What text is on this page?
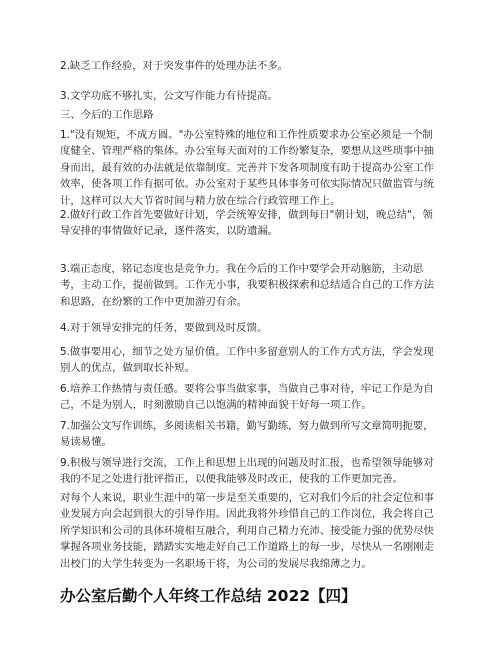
2.缺乏工作经验，对于突发事件的处理办法不多。

3.文学功底不够扎实，公文写作能力有待提高。

三、今后的工作思路

1."没有规矩，不成方圆。"办公室特殊的地位和工作性质要求办公室必须是一个制度健全、管理严格的集体。办公室每天面对的工作纷繁复杂，要想从这些琐事中抽身而出，最有效的办法就是依靠制度。完善并下发各项制度有助于提高办公室工作效率，使各项工作有据可依。办公室对于某些具体事务可依实际情况只做监管与统计，这样可以大大节省时间与精力放在综合行政管理工作上。

2.做好行政工作首先要做好计划，学会统筹安排，做到每日"朝计划，晚总结"，领导安排的事情做好记录，逐件落实，以防遗漏。

3.端正态度，铭记态度也是竞争力。我在今后的工作中要学会开动脑筋，主动思考，主动工作，提前做到。工作无小事，我要积极探索和总结适合自己的工作方法和思路，在纷繁的工作中更加游刃有余。

4.对于领导安排完的任务，要做到及时反馈。

5.做事要用心，细节之处方显价值。工作中多留意别人的工作方式方法，学会发现别人的优点，做到取长补短。

6.培养工作热情与责任感。要将公事当做家事，当做自己事对待，牢记工作是为自己，不是为别人，时刻激励自己以饱满的精神面貌干好每一项工作。

7.加强公文写作训练，多阅读相关书籍，勤写勤练，努力做到所写文章简明扼要，易读易懂。

9.积极与领导进行交流，工作上和思想上出现的问题及时汇报，也希望领导能够对我的不足之处进行批评指正，以便我能够及时改正，使我的工作更加完善。

对每个人来说，职业生涯中的第一步是至关重要的，它对我们今后的社会定位和事业发展方向会起到很大的引导作用。因此我将外珍惜自己的工作岗位，我会将自己所学知识和公司的具体环境相互融合，利用自己精力充沛、接受能力强的优势尽快掌握各项业务技能，踏踏实实地走好自己工作道路上的每一步，尽快从一名刚刚走出校门的大学生转变为一名职场干将，为公司的发展尽我绵薄之力。

办公室后勤个人年终工作总结 2022【四】
